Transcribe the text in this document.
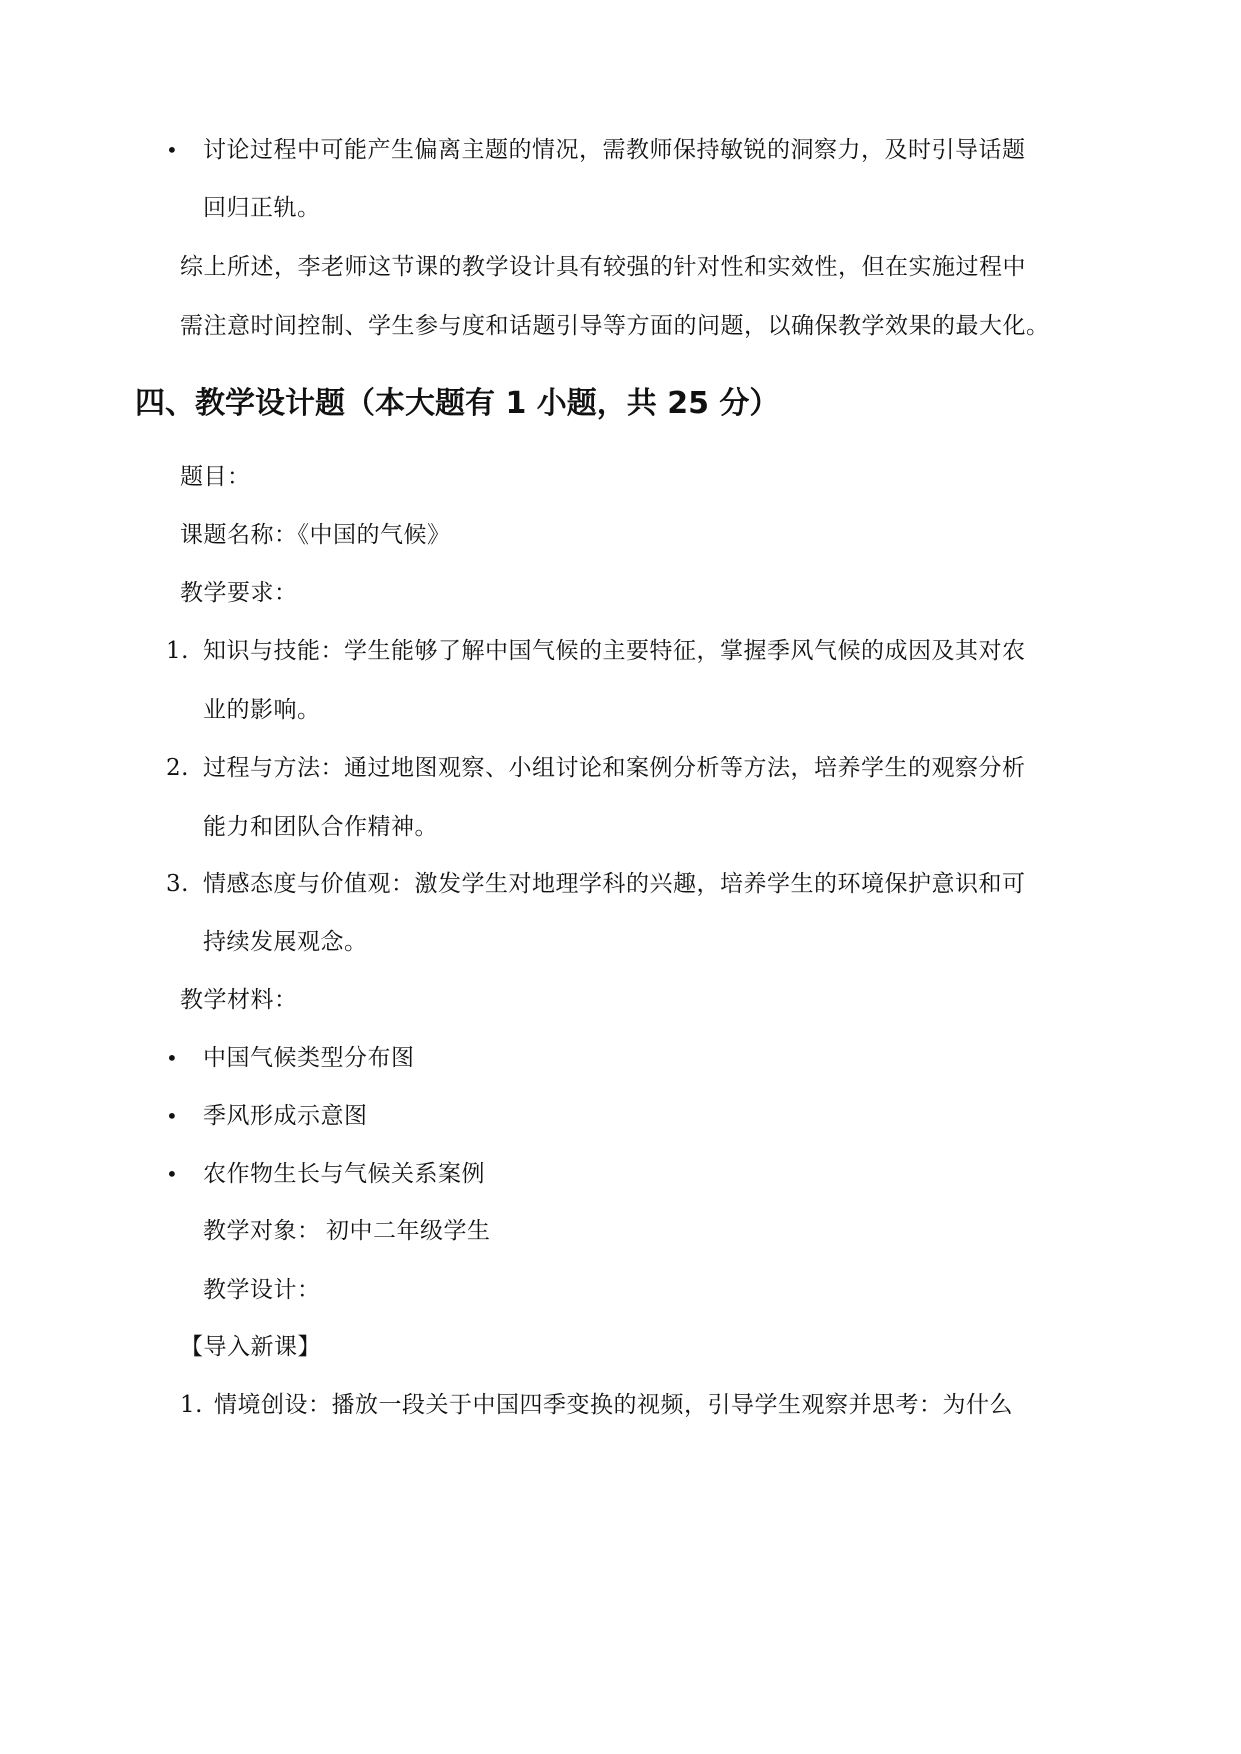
• 讨论过程中可能产生偏离主题的情况，需教师保持敏锐的洞察力，及时引导话题
回归正轨。
综上所述，李老师这节课的教学设计具有较强的针对性和实效性，但在实施过程中
需注意时间控制、学生参与度和话题引导等方面的问题，以确保教学效果的最大化。
四、教学设计题（本大题有 1 小题，共 25 分）
题目：
课题名称：《中国的气候》
教学要求：
1. 知识与技能：学生能够了解中国气候的主要特征，掌握季风气候的成因及其对农
业的影响。
2. 过程与方法：通过地图观察、小组讨论和案例分析等方法，培养学生的观察分析
能力和团队合作精神。
3. 情感态度与价值观：激发学生对地理学科的兴趣，培养学生的环境保护意识和可
持续发展观念。
教学材料：
• 中国气候类型分布图
• 季风形成示意图
• 农作物生长与气候关系案例
教学对象： 初中二年级学生
教学设计：
【导入新课】
1. 情境创设：播放一段关于中国四季变换的视频，引导学生观察并思考：为什么
